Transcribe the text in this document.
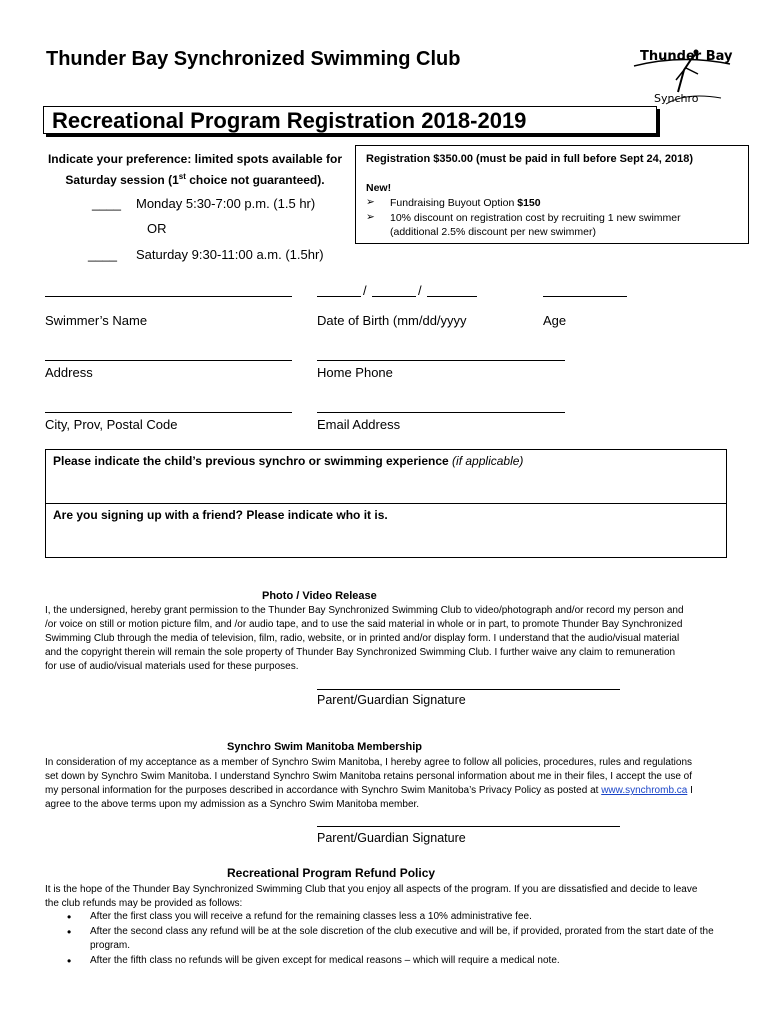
Thunder Bay Synchronized Swimming Club	Thunder Bay
Synchro
Recreational Program Registration 2018-2019
Indicate your preference: limited spots available for
Saturday session (1st choice not guaranteed).
____ Monday 5:30-7:00 p.m. (1.5 hr)
OR
____ Saturday 9:30-11:00 a.m. (1.5hr)
Registration $350.00 (must be paid in full before Sept 24, 2018)
New!
➢ Fundraising Buyout Option $150
➢ 10% discount on registration cost by recruiting 1 new swimmer
(additional 2.5% discount per new swimmer)
/	/
Swimmer’s Name	Date of Birth (mm/dd/yyyy	Age
Address	Home Phone
City, Prov, Postal Code	Email Address
Please indicate the child’s previous synchro or swimming experience (if applicable)
Are you signing up with a friend? Please indicate who it is.
Photo / Video Release
I, the undersigned, hereby grant permission to the Thunder Bay Synchronized Swimming Club to video/photograph and/or record my person and
/or voice on still or motion picture film, and /or audio tape, and to use the said material in whole or in part, to promote Thunder Bay Synchronized
Swimming Club through the media of television, film, radio, website, or in printed and/or display form. I understand that the audio/visual material
and the copyright therein will remain the sole property of Thunder Bay Synchronized Swimming Club. I further waive any claim to remuneration
for use of audio/visual materials used for these purposes.
Parent/Guardian Signature
Synchro Swim Manitoba Membership
In consideration of my acceptance as a member of Synchro Swim Manitoba, I hereby agree to follow all policies, procedures, rules and regulations
set down by Synchro Swim Manitoba. I understand Synchro Swim Manitoba retains personal information about me in their files, I accept the use of
my personal information for the purposes described in accordance with Synchro Swim Manitoba’s Privacy Policy as posted at www.synchromb.ca I
agree to the above terms upon my admission as a Synchro Swim Manitoba member.
Parent/Guardian Signature
Recreational Program Refund Policy
It is the hope of the Thunder Bay Synchronized Swimming Club that you enjoy all aspects of the program. If you are dissatisfied and decide to leave
the club refunds may be provided as follows:
• After the first class you will receive a refund for the remaining classes less a 10% administrative fee.
• After the second class any refund will be at the sole discretion of the club executive and will be, if provided, prorated from the start date of the program.
• After the fifth class no refunds will be given except for medical reasons – which will require a medical note.
